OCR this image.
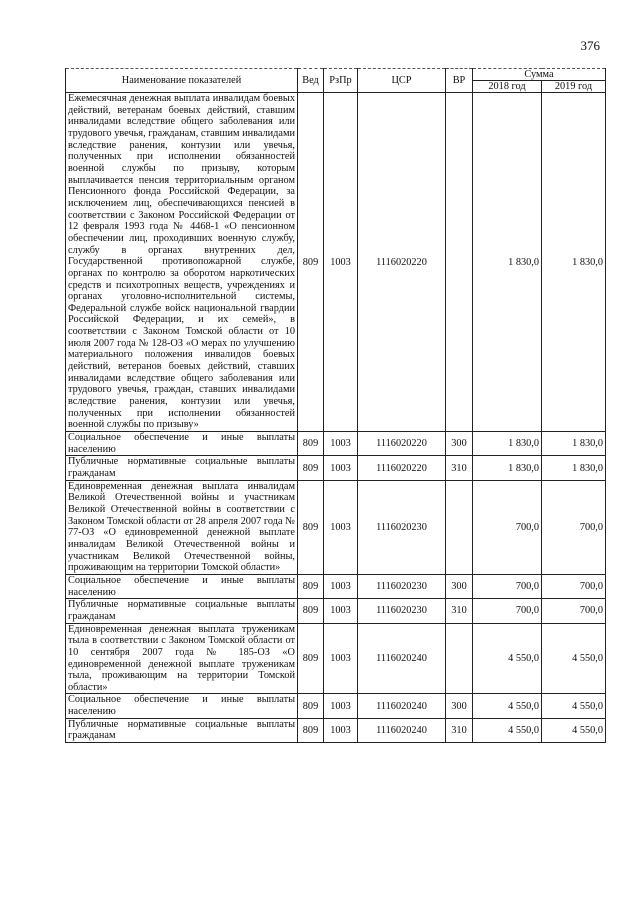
376
Наименование показателей	Вед	РзПр	ЦСР	ВР	Сумма	
					2018 год	2019 год
Ежемесячная денежная выплата инвалидам боевых действий, ветеранам боевых действий, ставшим инвалидами вследствие общего заболевания или трудового увечья, гражданам, ставшим инвалидами вследствие ранения, контузии или увечья, полученных при исполнении обязанностей военной службы по призыву, которым выплачивается пенсия территориальным органом Пенсионного фонда Российской Федерации, за исключением лиц, обеспечивающихся пенсией в соответствии с Законом Российской Федерации от 12 февраля 1993 года № 4468-1 «О пенсионном обеспечении лиц, проходивших военную службу, службу в органах внутренних дел, Государственной противопожарной службе, органах по контролю за оборотом наркотических средств и психотропных веществ, учреждениях и органах уголовно-исполнительной системы, Федеральной службе войск национальной гвардии Российской Федерации, и их семей», в соответствии с Законом Томской области от 10 июля 2007 года № 128-ОЗ «О мерах по улучшению материального положения инвалидов боевых действий, ветеранов боевых действий, ставших инвалидами вследствие общего заболевания или трудового увечья, граждан, ставших инвалидами вследствие ранения, контузии или увечья, полученных при исполнении обязанностей военной службы по призыву»	809	1003	1116020220		1 830,0	1 830,0
Социальное обеспечение и иные выплаты населению	809	1003	1116020220	300	1 830,0	1 830,0
Публичные нормативные социальные выплаты гражданам	809	1003	1116020220	310	1 830,0	1 830,0
Единовременная денежная выплата инвалидам Великой Отечественной войны и участникам Великой Отечественной войны в соответствии с Законом Томской области от 28 апреля 2007 года № 77-ОЗ «О единовременной денежной выплате инвалидам Великой Отечественной войны и участникам Великой Отечественной войны, проживающим на территории Томской области»	809	1003	1116020230		700,0	700,0
Социальное обеспечение и иные выплаты населению	809	1003	1116020230	300	700,0	700,0
Публичные нормативные социальные выплаты гражданам	809	1003	1116020230	310	700,0	700,0
Единовременная денежная выплата труженикам тыла в соответствии с Законом Томской области от 10 сентября 2007 года № 185-ОЗ «О единовременной денежной выплате труженикам тыла, проживающим на территории Томской области»	809	1003	1116020240		4 550,0	4 550,0
Социальное обеспечение и иные выплаты населению	809	1003	1116020240	300	4 550,0	4 550,0
Публичные нормативные социальные выплаты гражданам	809	1003	1116020240	310	4 550,0	4 550,0
